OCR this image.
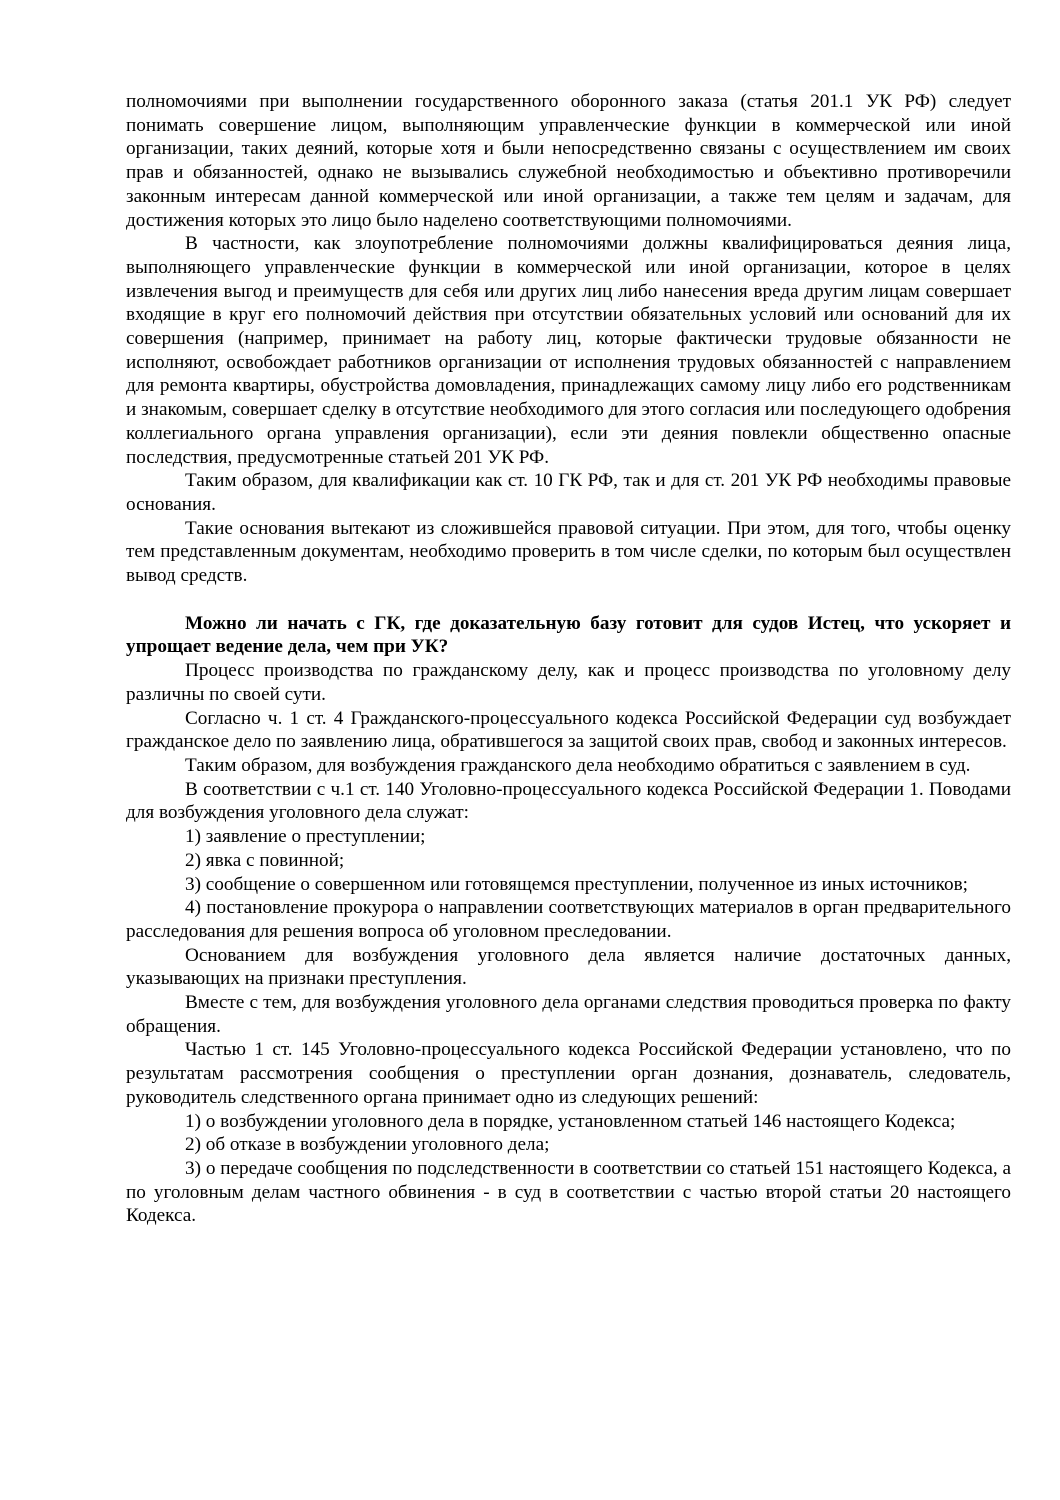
полномочиями при выполнении государственного оборонного заказа (статья 201.1 УК РФ) следует понимать совершение лицом, выполняющим управленческие функции в коммерческой или иной организации, таких деяний, которые хотя и были непосредственно связаны с осуществлением им своих прав и обязанностей, однако не вызывались служебной необходимостью и объективно противоречили законным интересам данной коммерческой или иной организации, а также тем целям и задачам, для достижения которых это лицо было наделено соответствующими полномочиями.

В частности, как злоупотребление полномочиями должны квалифицироваться деяния лица, выполняющего управленческие функции в коммерческой или иной организации, которое в целях извлечения выгод и преимуществ для себя или других лиц либо нанесения вреда другим лицам совершает входящие в круг его полномочий действия при отсутствии обязательных условий или оснований для их совершения (например, принимает на работу лиц, которые фактически трудовые обязанности не исполняют, освобождает работников организации от исполнения трудовых обязанностей с направлением для ремонта квартиры, обустройства домовладения, принадлежащих самому лицу либо его родственникам и знакомым, совершает сделку в отсутствие необходимого для этого согласия или последующего одобрения коллегиального органа управления организации), если эти деяния повлекли общественно опасные последствия, предусмотренные статьей 201 УК РФ.

Таким образом, для квалификации как ст. 10 ГК РФ, так и для ст. 201 УК РФ необходимы правовые основания.

Такие основания вытекают из сложившейся правовой ситуации. При этом, для того, чтобы оценку тем представленным документам, необходимо проверить в том числе сделки, по которым был осуществлен вывод средств.

Можно ли начать с ГК, где доказательную базу готовит для судов Истец, что ускоряет и упрощает ведение дела, чем при УК?

Процесс производства по гражданскому делу, как и процесс производства по уголовному делу различны по своей сути.

Согласно ч. 1 ст. 4 Гражданского-процессуального кодекса Российской Федерации суд возбуждает гражданское дело по заявлению лица, обратившегося за защитой своих прав, свобод и законных интересов.

Таким образом, для возбуждения гражданского дела необходимо обратиться с заявлением в суд.

В соответствии с ч.1 ст. 140 Уголовно-процессуального кодекса Российской Федерации 1. Поводами для возбуждения уголовного дела служат:

1) заявление о преступлении;

2) явка с повинной;

3) сообщение о совершенном или готовящемся преступлении, полученное из иных источников;

4) постановление прокурора о направлении соответствующих материалов в орган предварительного расследования для решения вопроса об уголовном преследовании.

Основанием для возбуждения уголовного дела является наличие достаточных данных, указывающих на признаки преступления.

Вместе с тем, для возбуждения уголовного дела органами следствия проводиться проверка по факту обращения.

Частью 1 ст. 145 Уголовно-процессуального кодекса Российской Федерации установлено, что по результатам рассмотрения сообщения о преступлении орган дознания, дознаватель, следователь, руководитель следственного органа принимает одно из следующих решений:

1) о возбуждении уголовного дела в порядке, установленном статьей 146 настоящего Кодекса;

2) об отказе в возбуждении уголовного дела;

3) о передаче сообщения по подследственности в соответствии со статьей 151 настоящего Кодекса, а по уголовным делам частного обвинения - в суд в соответствии с частью второй статьи 20 настоящего Кодекса.
